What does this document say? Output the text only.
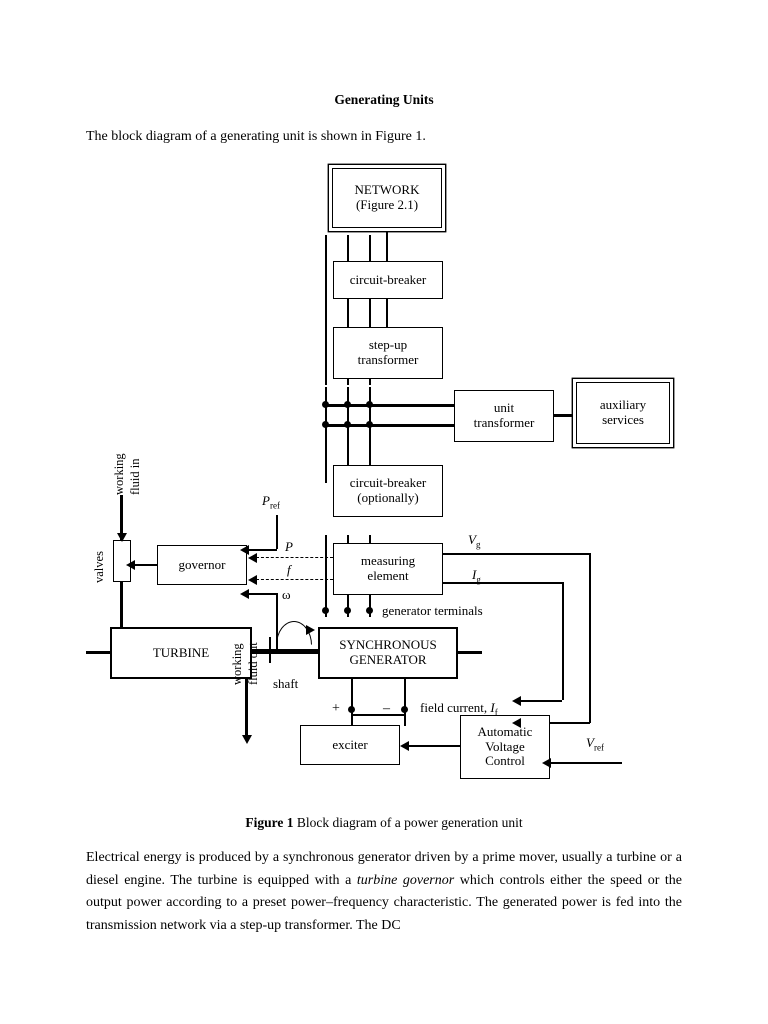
Generating Units
The block diagram of a generating unit is shown in Figure 1.
NETWORK
(Figure 2.1)
circuit-breaker
step-up
transformer
unit
transformer
auxiliary
services
circuit-breaker
(optionally)
measuring
element
$V_g$
$I_g$
generator terminals
SYNCHRONOUS
GENERATOR
TURBINE
shaft
working fluid in
valves
working fluid out
governor
$P_{ref}$
P
f
ω
+	– field current, $I_f$
exciter
Automatic
Voltage
Control
$V_{ref}$
Figure 1 Block diagram of a power generation unit
Electrical energy is produced by a synchronous generator driven by a prime mover, usually a turbine or a diesel engine. The turbine is equipped with a turbine governor which controls either the speed or the output power according to a preset power–frequency characteristic. The generated power is fed into the transmission network via a step-up transformer. The DC
